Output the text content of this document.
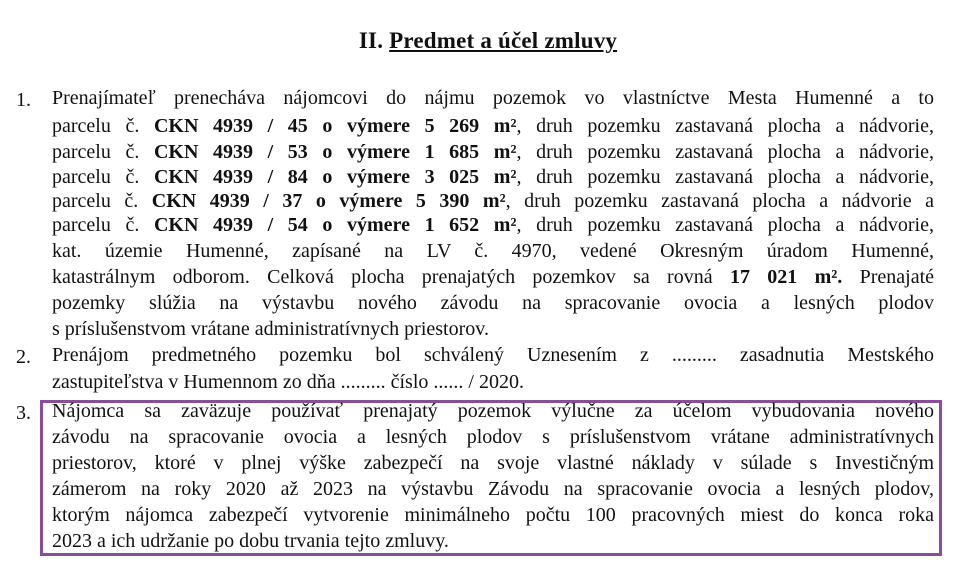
II. Predmet a účel zmluvy
1. Prenajímateľ prenecháva nájomcovi do nájmu pozemok vo vlastníctve Mesta Humenné a to
parcelu č. CKN 4939 / 45 o výmere 5 269 m², druh pozemku zastavaná plocha a nádvorie,
parcelu č. CKN 4939 / 53 o výmere 1 685 m², druh pozemku zastavaná plocha a nádvorie,
parcelu č. CKN 4939 / 84 o výmere 3 025 m², druh pozemku zastavaná plocha a nádvorie,
parcelu č. CKN 4939 / 37 o výmere 5 390 m², druh pozemku zastavaná plocha a nádvorie a
parcelu č. CKN 4939 / 54 o výmere 1 652 m², druh pozemku zastavaná plocha a nádvorie,
kat. územie Humenné, zapísané na LV č. 4970, vedené Okresným úradom Humenné,
katastrálnym odborom. Celková plocha prenajatých pozemkov sa rovná 17 021 m². Prenajaté
pozemky slúžia na výstavbu nového závodu na spracovanie ovocia a lesných plodov
s príslušenstvom vrátane administratívnych priestorov.
2. Prenájom predmetného pozemku bol schválený Uznesením z ......... zasadnutia Mestského
zastupiteľstva v Humennom zo dňa ......... číslo ...... / 2020.
3. Nájomca sa zaväzuje používať prenajatý pozemok výlučne za účelom vybudovania nového
závodu na spracovanie ovocia a lesných plodov s príslušenstvom vrátane administratívnych
priestorov, ktoré v plnej výške zabezpečí na svoje vlastné náklady v súlade s Investičným
zámerom na roky 2020 až 2023 na výstavbu Závodu na spracovanie ovocia a lesných plodov,
ktorým nájomca zabezpečí vytvorenie minimálneho počtu 100 pracovných miest do konca roka
2023 a ich udržanie po dobu trvania tejto zmluvy.
